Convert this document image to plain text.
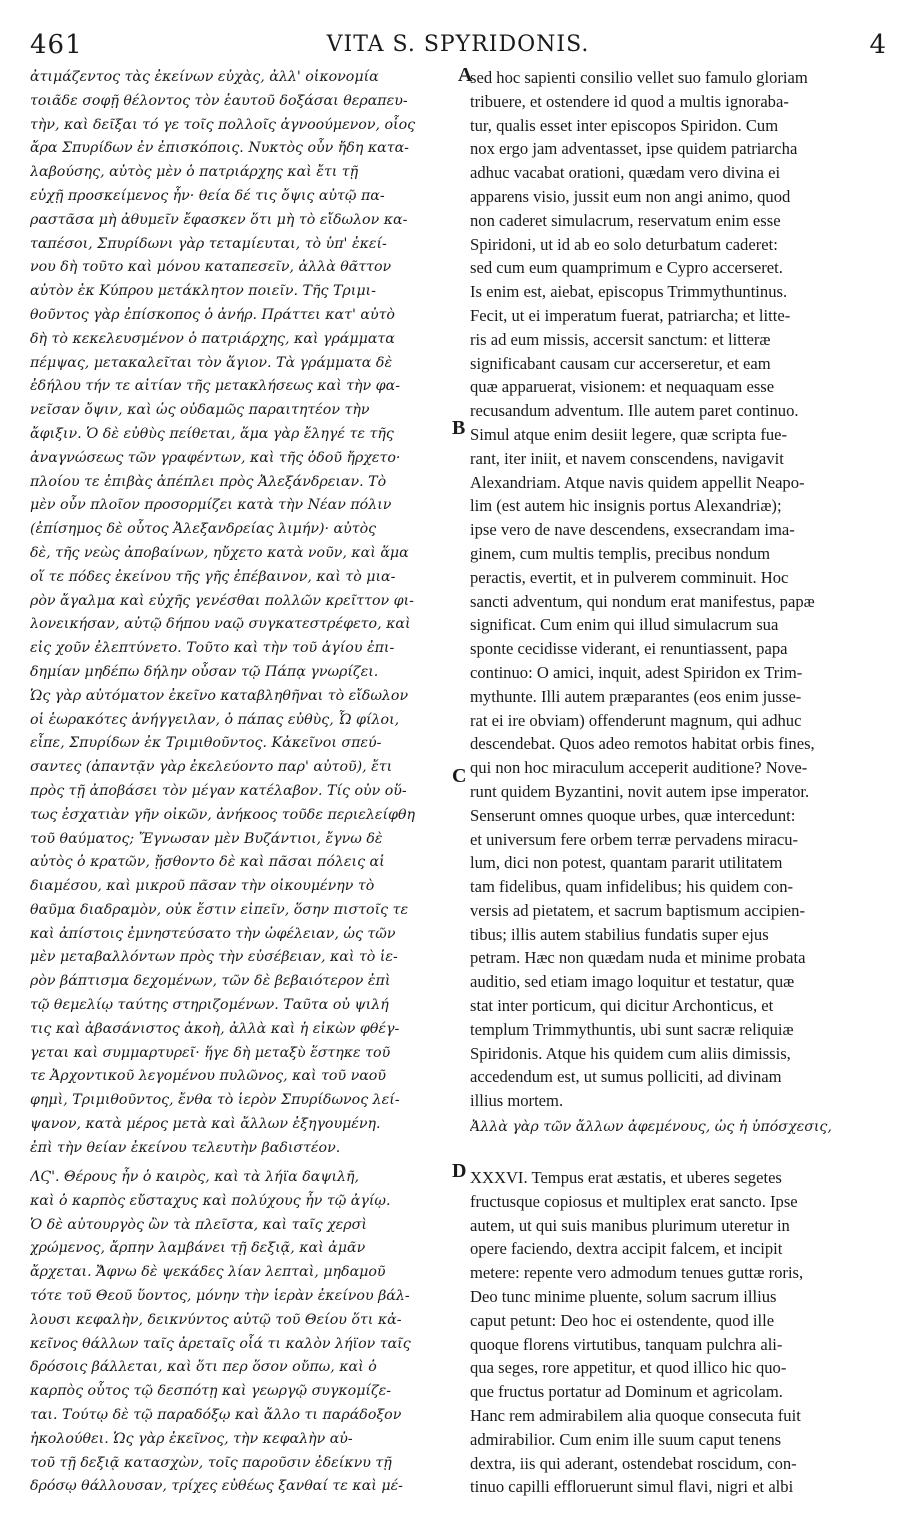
461	VITA S. SPYRIDONIS.	4
ἀτιμάζεντος τὰς ἐκείνων εὐχὰς, ἀλλ' οἰκονομία
τοιᾶδε σοφῇ θέλοντος τὸν ἑαυτοῦ δοξάσαι θεραπευ-
τὴν, καὶ δεῖξαι τό γε τοῖς πολλοῖς ἀγνοούμενον, οἷος
ἄρα Σπυρίδων ἐν ἐπισκόποις. Νυκτὸς οὖν ἤδη κατα-
λαβούσης, αὐτὸς μὲν ὁ πατριάρχης καὶ ἔτι τῇ
εὐχῇ προσκείμενος ἦν· θεία δέ τις ὄψις αὐτῷ πα-
ραστᾶσα μὴ ἀθυμεῖν ἔφασκεν ὅτι μὴ τὸ εἴδωλον κα-
ταπέσοι, Σπυρίδωνι γὰρ τεταμίευται, τὸ ὑπ' ἐκεί-
νου δὴ τοῦτο καὶ μόνου καταπεσεῖν, ἀλλὰ θᾶττον
αὐτὸν ἐκ Κύπρου μετάκλητον ποιεῖν. Τῆς Τριμι-
θοῦντος γὰρ ἐπίσκοπος ὁ ἀνήρ. Πράττει κατ' αὐτὸ
δὴ τὸ κεκελευσμένον ὁ πατριάρχης, καὶ γράμματα
πέμψας, μετακαλεῖται τὸν ἅγιον. Τὰ γράμματα δὲ
ἐδήλου τήν τε αἰτίαν τῆς μετακλήσεως καὶ τὴν φα-
νεῖσαν ὄψιν, καὶ ὡς οὐδαμῶς παραιτητέον τὴν
ἄφιξιν. Ὁ δὲ εὐθὺς πείθεται, ἅμα γὰρ ἔληγέ τε τῆς
ἀναγνώσεως τῶν γραφέντων, καὶ τῆς ὁδοῦ ἤρχετο·
πλοίου τε ἐπιβὰς ἀπέπλει πρὸς Ἀλεξάνδρειαν. Τὸ
μὲν οὖν πλοῖον προσορμίζει κατὰ τὴν Νέαν πόλιν
(ἐπίσημος δὲ οὗτος Ἀλεξανδρείας λιμήν)· αὐτὸς
δὲ, τῆς νεὼς ἀποβαίνων, ηὔχετο κατὰ νοῦν, καὶ ἅμα
οἵ τε πόδες ἐκείνου τῆς γῆς ἐπέβαινον, καὶ τὸ μια-
ρὸν ἄγαλμα καὶ εὐχῆς γενέσθαι πολλῶν κρεῖττον φι-
λονεικήσαν, αὐτῷ δήπου ναῷ συγκατεστρέφετο, καὶ
εἰς χοῦν ἐλεπτύνετο. Τοῦτο καὶ τὴν τοῦ ἁγίου ἐπι-
δημίαν μηδέπω δήλην οὖσαν τῷ Πάπᾳ γνωρίζει.
Ὡς γὰρ αὐτόματον ἐκεῖνο καταβληθῆναι τὸ εἴδωλον
οἱ ἑωρακότες ἀνήγγειλαν, ὁ πάπας εὐθὺς, Ὦ φίλοι,
εἶπε, Σπυρίδων ἐκ Τριμιθοῦντος. Κἀκεῖνοι σπεύ-
σαντες (ἀπαντᾷν γὰρ ἐκελεύοντο παρ' αὐτοῦ), ἔτι
πρὸς τῇ ἀποβάσει τὸν μέγαν κατέλαβον. Τίς οὐν οὕ-
τως ἐσχατιὰν γῆν οἰκῶν, ἀνήκοος τοῦδε περιελείφθη
τοῦ θαύματος; Ἔγνωσαν μὲν Βυζάντιοι, ἔγνω δὲ
αὐτὸς ὁ κρατῶν, ᾔσθοντο δὲ καὶ πᾶσαι πόλεις αἱ
διαμέσου, καὶ μικροῦ πᾶσαν τὴν οἰκουμένην τὸ
θαῦμα διαδραμὸν, οὐκ ἔστιν εἰπεῖν, ὅσην πιστοῖς τε
καὶ ἀπίστοις ἐμνηστεύσατο τὴν ὠφέλειαν, ὡς τῶν
μὲν μεταβαλλόντων πρὸς τὴν εὐσέβειαν, καὶ τὸ ἱε-
ρὸν βάπτισμα δεχομένων, τῶν δὲ βεβαιότερον ἐπὶ
τῷ θεμελίῳ ταύτης στηριζομένων. Ταῦτα οὐ ψιλή
τις καὶ ἀβασάνιστος ἀκοὴ, ἀλλὰ καὶ ἡ εἰκὼν φθέγ-
γεται καὶ συμμαρτυρεῖ· ἥγε δὴ μεταξὺ ἕστηκε τοῦ
τε Ἀρχοντικοῦ λεγομένου πυλῶνος, καὶ τοῦ ναοῦ
φημὶ, Τριμιθοῦντος, ἔνθα τὸ ἱερὸν Σπυρίδωνος λεί-
ψανον, κατὰ μέρος μετὰ καὶ ἄλλων ἐξηγουμένη.
ἐπὶ τὴν θείαν ἐκείνου τελευτὴν βαδιστέον.
ΛϚ'. Θέρους ἦν ὁ καιρὸς, καὶ τὰ λήϊα δαψιλῆ,
καὶ ὁ καρπὸς εὔσταχυς καὶ πολύχους ἦν τῷ ἁγίῳ.
Ὁ δὲ αὐτουργὸς ὢν τὰ πλεῖστα, καὶ ταῖς χερσὶ
χρώμενος, ἄρπην λαμβάνει τῇ δεξιᾷ, καὶ ἀμᾶν
ἄρχεται. Ἄφνω δὲ ψεκάδες λίαν λεπταὶ, μηδαμοῦ
τότε τοῦ Θεοῦ ὕοντος, μόνην τὴν ἱερὰν ἐκείνου βάλ-
λουσι κεφαλὴν, δεικνύντος αὐτῷ τοῦ Θείου ὅτι κἀ-
κεῖνος θάλλων ταῖς ἀρεταῖς οἷά τι καλὸν λήϊον ταῖς
δρόσοις βάλλεται, καὶ ὅτι περ ὅσον οὔπω, καὶ ὁ
καρπὸς οὗτος τῷ δεσπότῃ καὶ γεωργῷ συγκομίζε-
ται. Τούτῳ δὲ τῷ παραδόξῳ καὶ ἄλλο τι παράδοξον
ἠκολούθει. Ὡς γὰρ ἐκεῖνος, τὴν κεφαλὴν αὐ-
τοῦ τῇ δεξιᾷ κατασχὼν, τοῖς παροῦσιν ἐδείκνυ τῇ
δρόσῳ θάλλουσαν, τρίχες εὐθέως ξανθαί τε καὶ μέ-
sed hoc sapienti consilio vellet suo famulo gloriam
tribuere, et ostendere id quod a multis ignoraba-
tur, qualis esset inter episcopos Spiridon. Cum
nox ergo jam adventasset, ipse quidem patriarcha
adhuc vacabat orationi, quædam vero divina ei
apparens visio, jussit eum non angi animo, quod
non caderet simulacrum, reservatum enim esse
Spiridoni, ut id ab eo solo deturbatum caderet:
sed cum eum quamprimum e Cypro accerseret.
Is enim est, aiebat, episcopus Trimmythuntinus.
Fecit, ut ei imperatum fuerat, patriarcha; et litte-
ris ad eum missis, accersit sanctum: et litteræ
significabant causam cur accerseretur, et eam
quæ apparuerat, visionem: et nequaquam esse
recusandum adventum. Ille autem paret continuo.
Simul atque enim desiit legere, quæ scripta fue-
rant, iter iniit, et navem conscendens, navigavit
Alexandriam. Atque navis quidem appellit Neapo-
lim (est autem hic insignis portus Alexandriæ);
ipse vero de nave descendens, exsecrandam ima-
ginem, cum multis templis, precibus nondum
peractis, evertit, et in pulverem comminuit. Hoc
sancti adventum, qui nondum erat manifestus, papæ
significat. Cum enim qui illud simulacrum sua
sponte cecidisse viderant, ei renuntiassent, papa
continuo: O amici, inquit, adest Spiridon ex Trim-
mythunte. Illi autem præparantes (eos enim jusse-
rat ei ire obviam) offenderunt magnum, qui adhuc
descendebat. Quos adeo remotos habitat orbis fines,
qui non hoc miraculum acceperit auditione? Nove-
runt quidem Byzantini, novit autem ipse imperator.
Senserunt omnes quoque urbes, quæ intercedunt:
et universum fere orbem terræ pervadens miracu-
lum, dici non potest, quantam pararit utilitatem
tam fidelibus, quam infidelibus; his quidem con-
versis ad pietatem, et sacrum baptismum accipien-
tibus; illis autem stabilius fundatis super ejus
petram. Hæc non quædam nuda et minime probata
auditio, sed etiam imago loquitur et testatur, quæ
stat inter porticum, qui dicitur Archonticus, et
templum Trimmythuntis, ubi sunt sacræ reliquiæ
Spiridonis. Atque his quidem cum aliis dimissis,
accedendum est, ut sumus polliciti, ad divinam
illius mortem.
Ἀλλὰ γὰρ τῶν ἄλλων ἀφεμένους, ὡς ἡ ὑπόσχεσις,
XXXVI. Tempus erat æstatis, et uberes segetes
fructusque copiosus et multiplex erat sancto. Ipse
autem, ut qui suis manibus plurimum uteretur in
opere faciendo, dextra accipit falcem, et incipit
metere: repente vero admodum tenues guttæ roris,
Deo tunc minime pluente, solum sacrum illius
caput petunt: Deo hoc ei ostendente, quod ille
quoque florens virtutibus, tanquam pulchra ali-
qua seges, rore appetitur, et quod illico hic quo-
que fructus portatur ad Dominum et agricolam.
Hanc rem admirabilem alia quoque consecuta fuit
admirabilior. Cum enim ille suum caput tenens
dextra, iis qui aderant, ostendebat roscidum, con-
tinuo capilli effloruerunt simul flavi, nigri et albi
A
B
C
D
